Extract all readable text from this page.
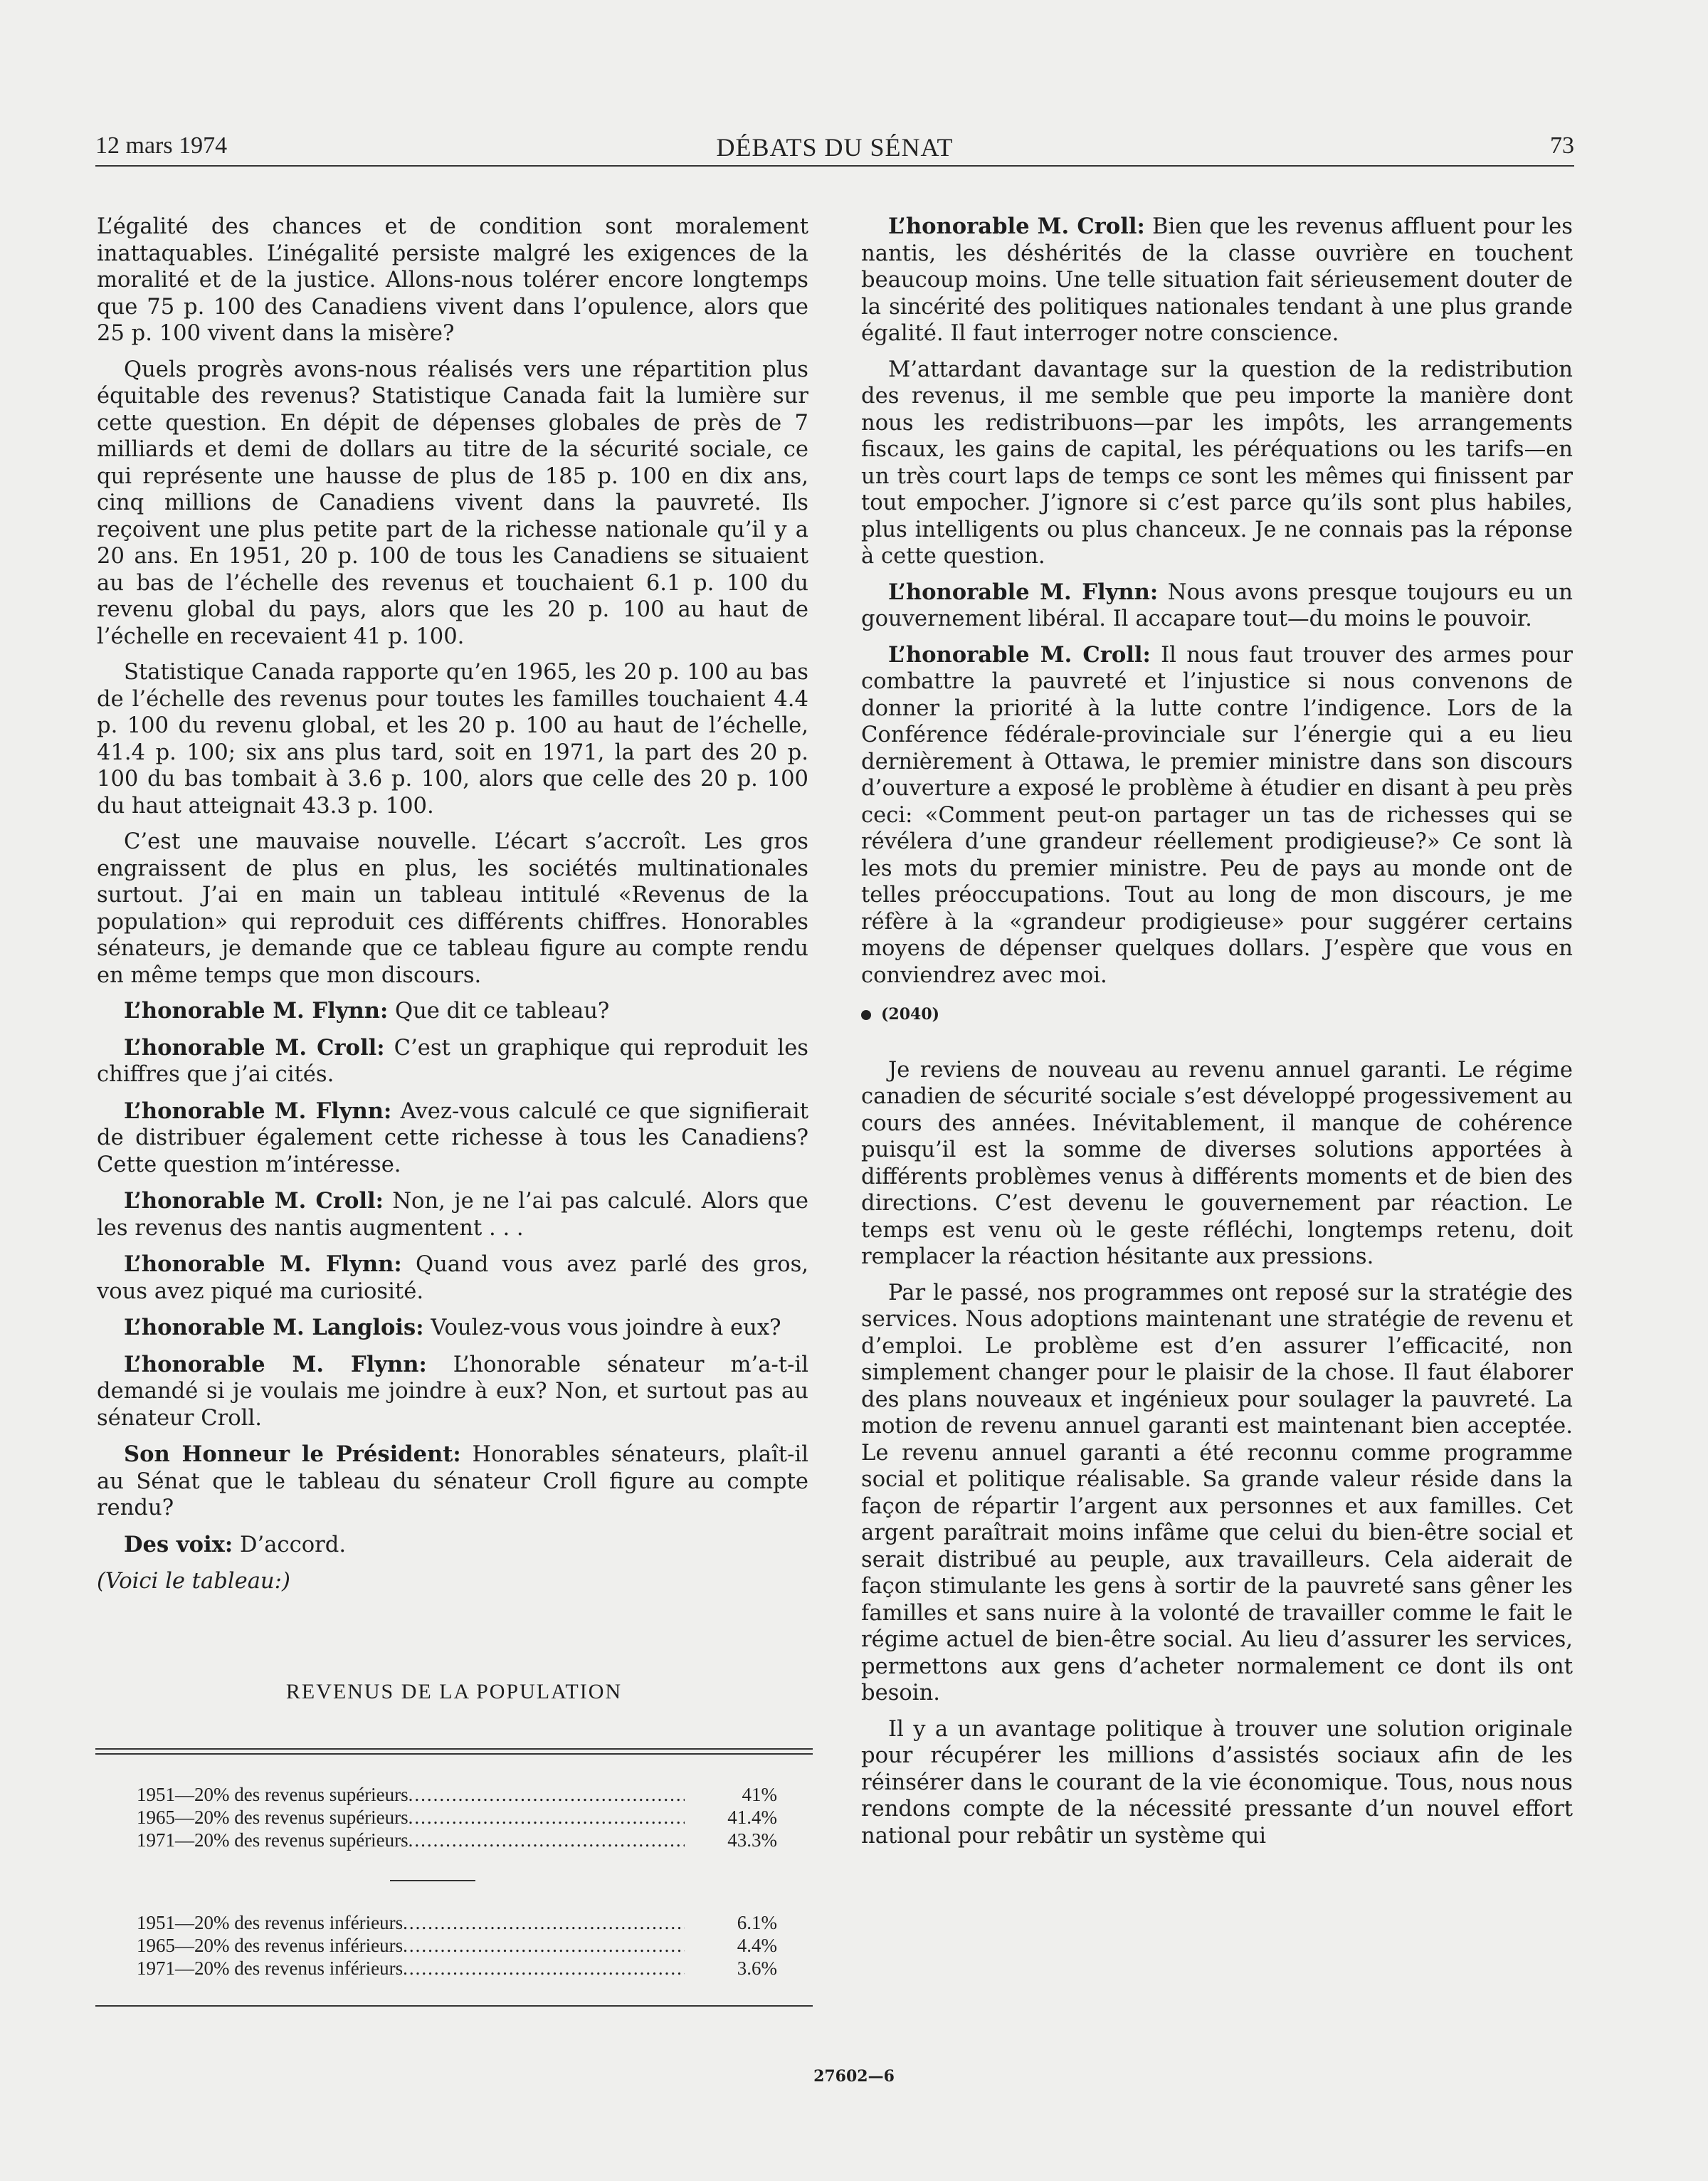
12 mars 1974	DÉBATS DU SÉNAT	73

L’égalité des chances et de condition sont moralement inattaquables. L’inégalité persiste malgré les exigences de la moralité et de la justice. Allons-nous tolérer encore longtemps que 75 p. 100 des Canadiens vivent dans l’opulence, alors que 25 p. 100 vivent dans la misère?

Quels progrès avons-nous réalisés vers une répartition plus équitable des revenus? Statistique Canada fait la lumière sur cette question. En dépit de dépenses globales de près de 7 milliards et demi de dollars au titre de la sécurité sociale, ce qui représente une hausse de plus de 185 p. 100 en dix ans, cinq millions de Canadiens vivent dans la pauvreté. Ils reçoivent une plus petite part de la richesse nationale qu’il y a 20 ans. En 1951, 20 p. 100 de tous les Canadiens se situaient au bas de l’échelle des revenus et touchaient 6.1 p. 100 du revenu global du pays, alors que les 20 p. 100 au haut de l’échelle en recevaient 41 p. 100.

Statistique Canada rapporte qu’en 1965, les 20 p. 100 au bas de l’échelle des revenus pour toutes les familles touchaient 4.4 p. 100 du revenu global, et les 20 p. 100 au haut de l’échelle, 41.4 p. 100; six ans plus tard, soit en 1971, la part des 20 p. 100 du bas tombait à 3.6 p. 100, alors que celle des 20 p. 100 du haut atteignait 43.3 p. 100.

C’est une mauvaise nouvelle. L’écart s’accroît. Les gros engraissent de plus en plus, les sociétés multinationales surtout. J’ai en main un tableau intitulé «Revenus de la population» qui reproduit ces différents chiffres. Honorables sénateurs, je demande que ce tableau figure au compte rendu en même temps que mon discours.

L’honorable M. Flynn: Que dit ce tableau?

L’honorable M. Croll: C’est un graphique qui reproduit les chiffres que j’ai cités.

L’honorable M. Flynn: Avez-vous calculé ce que signifierait de distribuer également cette richesse à tous les Canadiens? Cette question m’intéresse.

L’honorable M. Croll: Non, je ne l’ai pas calculé. Alors que les revenus des nantis augmentent . . .

L’honorable M. Flynn: Quand vous avez parlé des gros, vous avez piqué ma curiosité.

L’honorable M. Langlois: Voulez-vous vous joindre à eux?

L’honorable M. Flynn: L’honorable sénateur m’a-t-il demandé si je voulais me joindre à eux? Non, et surtout pas au sénateur Croll.

Son Honneur le Président: Honorables sénateurs, plaît-il au Sénat que le tableau du sénateur Croll figure au compte rendu?

Des voix: D’accord.

(Voici le tableau:)

REVENUS DE LA POPULATION
1951—20% des revenus supérieurs .....	41%
1965—20% des revenus supérieurs .....	41.4%
1971—20% des revenus supérieurs .....	43.3%
1951—20% des revenus inférieurs .....	6.1%
1965—20% des revenus inférieurs .....	4.4%
1971—20% des revenus inférieurs .....	3.6%

L’honorable M. Croll: Bien que les revenus affluent pour les nantis, les déshérités de la classe ouvrière en touchent beaucoup moins. Une telle situation fait sérieusement douter de la sincérité des politiques nationales tendant à une plus grande égalité. Il faut interroger notre conscience.

M’attardant davantage sur la question de la redistribution des revenus, il me semble que peu importe la manière dont nous les redistribuons—par les impôts, les arrangements fiscaux, les gains de capital, les péréquations ou les tarifs—en un très court laps de temps ce sont les mêmes qui finissent par tout empocher. J’ignore si c’est parce qu’ils sont plus habiles, plus intelligents ou plus chanceux. Je ne connais pas la réponse à cette question.

L’honorable M. Flynn: Nous avons presque toujours eu un gouvernement libéral. Il accapare tout—du moins le pouvoir.

L’honorable M. Croll: Il nous faut trouver des armes pour combattre la pauvreté et l’injustice si nous convenons de donner la priorité à la lutte contre l’indigence. Lors de la Conférence fédérale-provinciale sur l’énergie qui a eu lieu dernièrement à Ottawa, le premier ministre dans son discours d’ouverture a exposé le problème à étudier en disant à peu près ceci: «Comment peut-on partager un tas de richesses qui se révélera d’une grandeur réellement prodigieuse?» Ce sont là les mots du premier ministre. Peu de pays au monde ont de telles préoccupations. Tout au long de mon discours, je me réfère à la «grandeur prodigieuse» pour suggérer certains moyens de dépenser quelques dollars. J’espère que vous en conviendrez avec moi.

(2040)

Je reviens de nouveau au revenu annuel garanti. Le régime canadien de sécurité sociale s’est développé progessivement au cours des années. Inévitablement, il manque de cohérence puisqu’il est la somme de diverses solutions apportées à différents problèmes venus à différents moments et de bien des directions. C’est devenu le gouvernement par réaction. Le temps est venu où le geste réfléchi, longtemps retenu, doit remplacer la réaction hésitante aux pressions.

Par le passé, nos programmes ont reposé sur la stratégie des services. Nous adoptions maintenant une stratégie de revenu et d’emploi. Le problème est d’en assurer l’efficacité, non simplement changer pour le plaisir de la chose. Il faut élaborer des plans nouveaux et ingénieux pour soulager la pauvreté. La motion de revenu annuel garanti est maintenant bien acceptée. Le revenu annuel garanti a été reconnu comme programme social et politique réalisable. Sa grande valeur réside dans la façon de répartir l’argent aux personnes et aux familles. Cet argent paraîtrait moins infâme que celui du bien-être social et serait distribué au peuple, aux travailleurs. Cela aiderait de façon stimulante les gens à sortir de la pauvreté sans gêner les familles et sans nuire à la volonté de travailler comme le fait le régime actuel de bien-être social. Au lieu d’assurer les services, permettons aux gens d’acheter normalement ce dont ils ont besoin.

Il y a un avantage politique à trouver une solution originale pour récupérer les millions d’assistés sociaux afin de les réinsérer dans le courant de la vie économique. Tous, nous nous rendons compte de la nécessité pressante d’un nouvel effort national pour rebâtir un système qui

27602—6
